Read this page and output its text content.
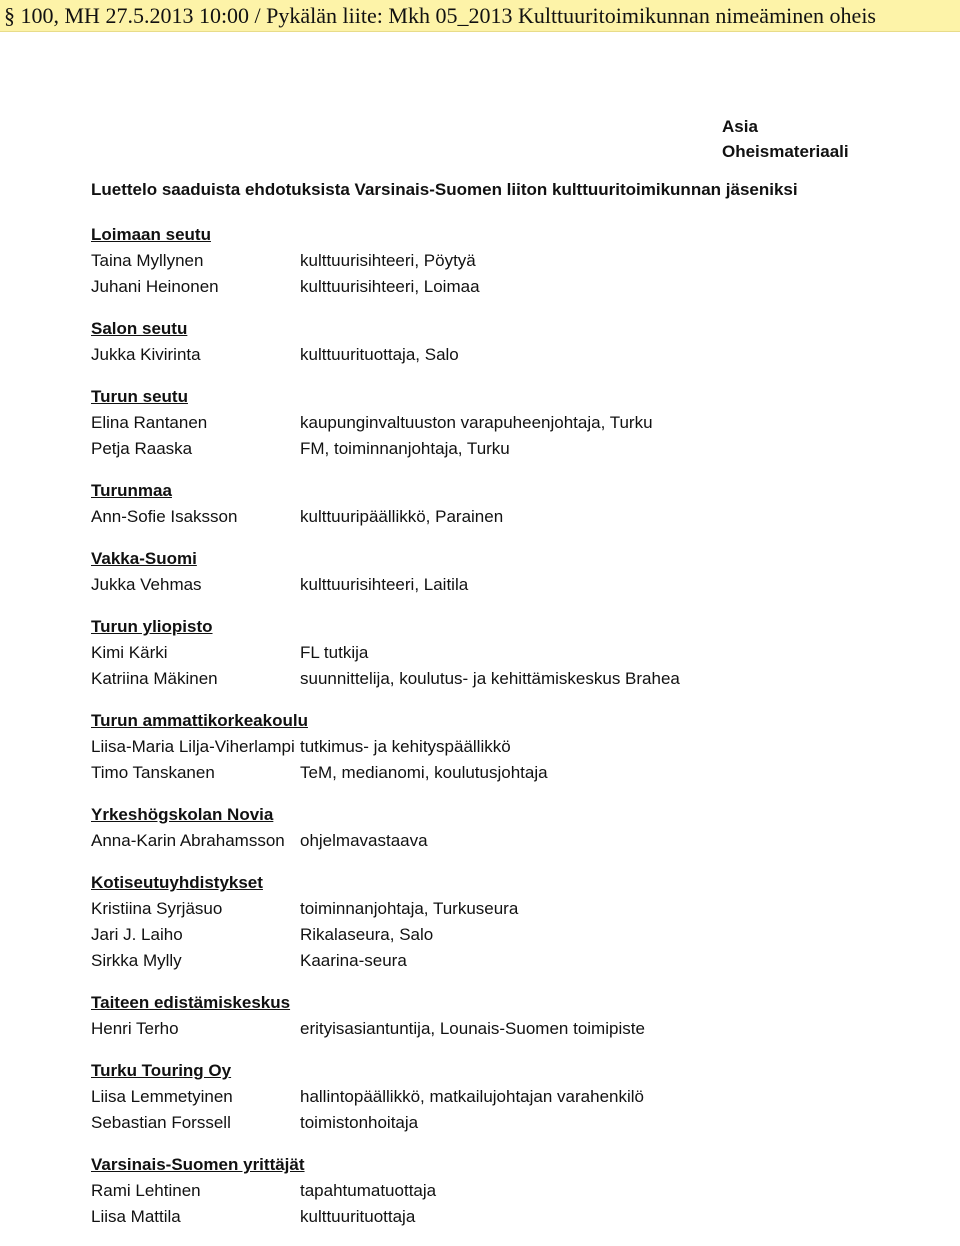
§ 100, MH 27.5.2013 10:00 / Pykälän liite: Mkh 05_2013 Kulttuuritoimikunnan nimeäminen oheis
Asia
Oheismateriaali
Luettelo saaduista ehdotuksista Varsinais-Suomen liiton kulttuuritoimikunnan jäseniksi
Loimaan seutu
Taina Myllynen	kulttuurisihteeri, Pöytyä
Juhani Heinonen	kulttuurisihteeri, Loimaa
Salon seutu
Jukka Kivirinta	kulttuurituottaja, Salo
Turun seutu
Elina Rantanen	kaupunginvaltuuston varapuheenjohtaja, Turku
Petja Raaska	FM, toiminnanjohtaja, Turku
Turunmaa
Ann-Sofie Isaksson	kulttuuripäällikkö, Parainen
Vakka-Suomi
Jukka Vehmas	kulttuurisihteeri, Laitila
Turun yliopisto
Kimi Kärki	FL tutkija
Katriina Mäkinen	suunnittelija, koulutus- ja kehittämiskeskus Brahea
Turun ammattikorkeakoulu
Liisa-Maria Lilja-Viherlampi tutkimus- ja kehityspäällikkö
Timo Tanskanen	TeM, medianomi, koulutusjohtaja
Yrkeshögskolan Novia
Anna-Karin Abrahamsson ohjelmavastaava
Kotiseutuyhdistykset
Kristiina Syrjäsuo	toiminnanjohtaja, Turkuseura
Jari J. Laiho	Rikalaseura, Salo
Sirkka Mylly	Kaarina-seura
Taiteen edistämiskeskus
Henri Terho	erityisasiantuntija, Lounais-Suomen toimipiste
Turku Touring Oy
Liisa Lemmetyinen	hallintopäällikkö, matkailujohtajan varahenkilö
Sebastian Forssell	toimistonhoitaja
Varsinais-Suomen yrittäjät
Rami Lehtinen	tapahtumatuottaja
Liisa Mattila	kulttuurituottaja
